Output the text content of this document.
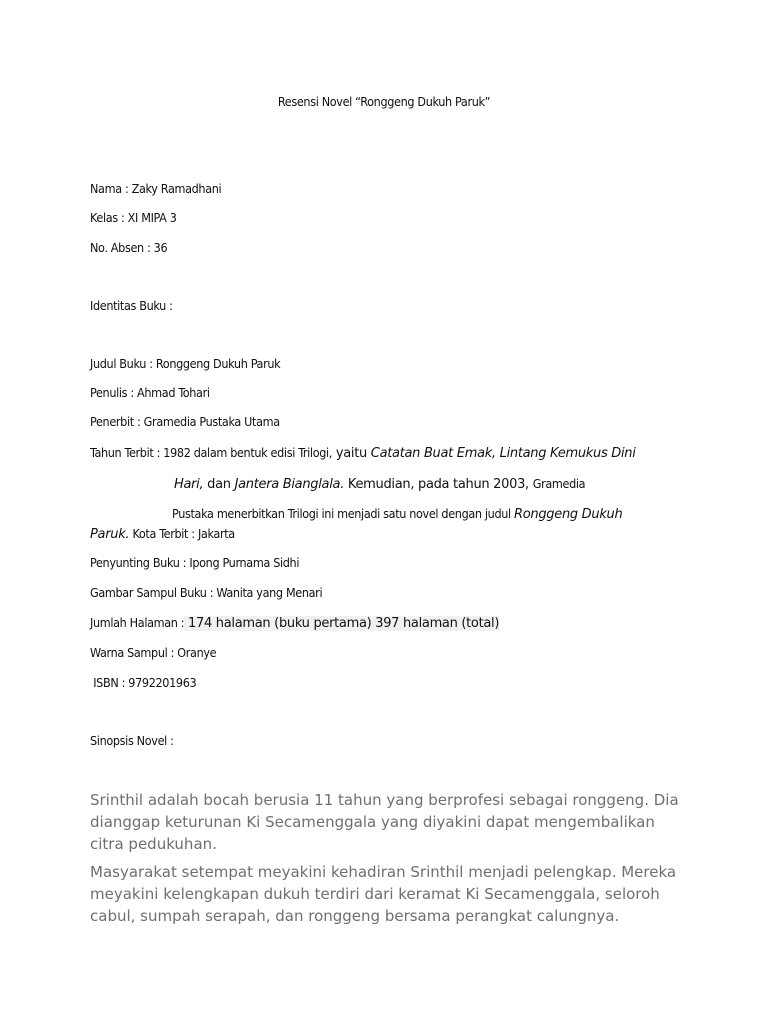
Resensi Novel “Ronggeng Dukuh Paruk”
Nama : Zaky Ramadhani
Kelas : XI MIPA 3
No. Absen : 36
Identitas Buku :
Judul Buku : Ronggeng Dukuh Paruk
Penulis : Ahmad Tohari
Penerbit : Gramedia Pustaka Utama
Tahun Terbit : 1982 dalam bentuk edisi Trilogi, yaitu Catatan Buat Emak, Lintang Kemukus Dini
Hari, dan Jantera Bianglala. Kemudian, pada tahun 2003, Gramedia
Pustaka menerbitkan Trilogi ini menjadi satu novel dengan judul Ronggeng Dukuh
Paruk. Kota Terbit : Jakarta
Penyunting Buku : Ipong Purnama Sidhi
Gambar Sampul Buku : Wanita yang Menari
Jumlah Halaman : 174 halaman (buku pertama) 397 halaman (total)
Warna Sampul : Oranye
ISBN : 9792201963
Sinopsis Novel :
Srinthil adalah bocah berusia 11 tahun yang berprofesi sebagai ronggeng. Dia dianggap keturunan Ki Secamenggala yang diyakini dapat mengembalikan citra pedukuhan.
Masyarakat setempat meyakini kehadiran Srinthil menjadi pelengkap. Mereka meyakini kelengkapan dukuh terdiri dari keramat Ki Secamenggala, seloroh cabul, sumpah serapah, dan ronggeng bersama perangkat calungnya.
